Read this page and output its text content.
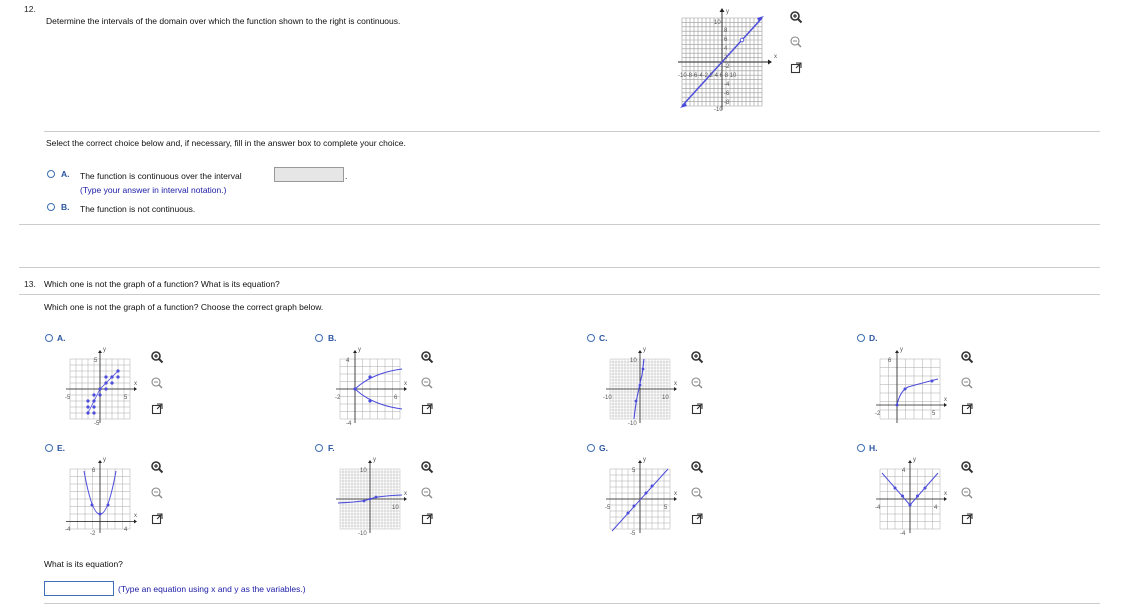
12.
Determine the intervals of the domain over which the function shown to the right is continuous.
-10-8-6-4-2 2 4 6 8 10
10
-10
y
x
8
6
4
2
-2
-4
-6
-8
Select the correct choice below and, if necessary, fill in the answer box to complete your choice.
A. The function is continuous over the interval	.
(Type your answer in interval notation.)
B. The function is not continuous.
13. Which one is not the graph of a function? What is its equation?
Which one is not the graph of a function? Choose the correct graph below.
A.
y
x
-5	5
5
-5
B.
y
x
-2	6
4
-4
C.
y
x
-10	10
10
-10
D.
y
x
-2	5
6
E.
y
x
-4	4
6
-2
F.
y
x
10
10
-10
G.
y
x
-5	5
5
-5
H.
y
x
-4	4
4
-4
What is its equation?
(Type an equation using x and y as the variables.)
